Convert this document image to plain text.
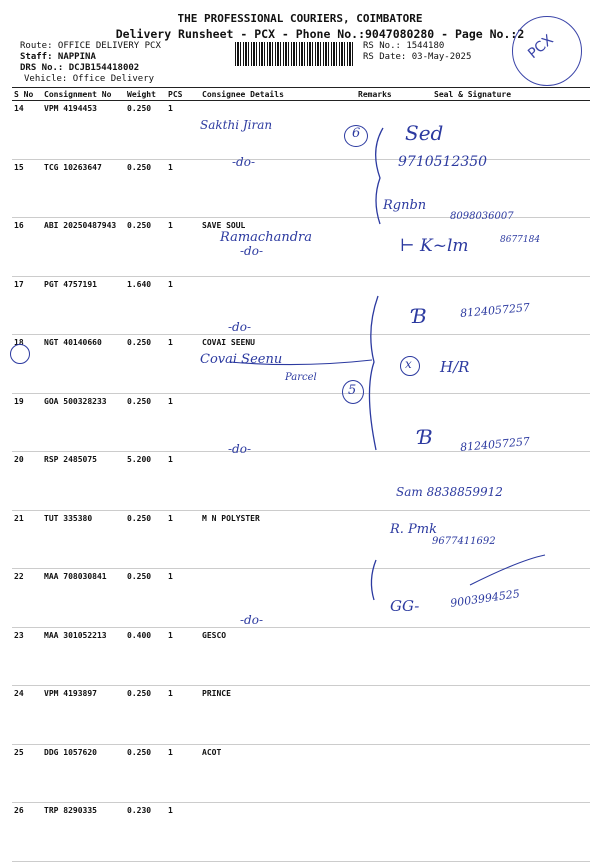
THE PROFESSIONAL COURIERS, COIMBATORE
Delivery Runsheet - PCX - Phone No.:9047080280 - Page No.:2
Route: OFFICE DELIVERY PCX
Staff: NAPPINA
DRS No.: DCJB154418002
Vehicle: Office Delivery
RS No.: 1544180
RS Date: 03-May-2025	PCX
S No	Consignment No	Weight	PCS	Consignee Details	Remarks	Seal & Signature
14	VPM 4194453	0.250	1			
15	TCG 10263647	0.250	1			
16	ABI 20250487943	0.250	1	SAVE SOUL		
17	PGT 4757191	1.640	1			
18	NGT 40140660	0.250	1	COVAI SEENU		
19	GOA 500328233	0.250	1			
20	RSP 2485075	5.200	1			
21	TUT 335380	0.250	1	M N POLYSTER		
22	MAA 708030841	0.250	1			
23	MAA 301052213	0.400	1	GESCO		
24	VPM 4193897	0.250	1	PRINCE		
25	DDG 1057620	0.250	1	ACOT		
26	TRP 8290335	0.230	1			
Sakthi Jiran
6 Sed
9710512350
-do-
8098036007
Rgnbn
Ramachandra
-do-	⊢ K~lm	8677184
Ɓ	8124057257
-do-
Covai Seenu
Parcel
x H/R
5
-do-	Ɓ 8124057257
Sam 8838859912
R. Pmk
9677411692
GG-	9003994525
-do-
